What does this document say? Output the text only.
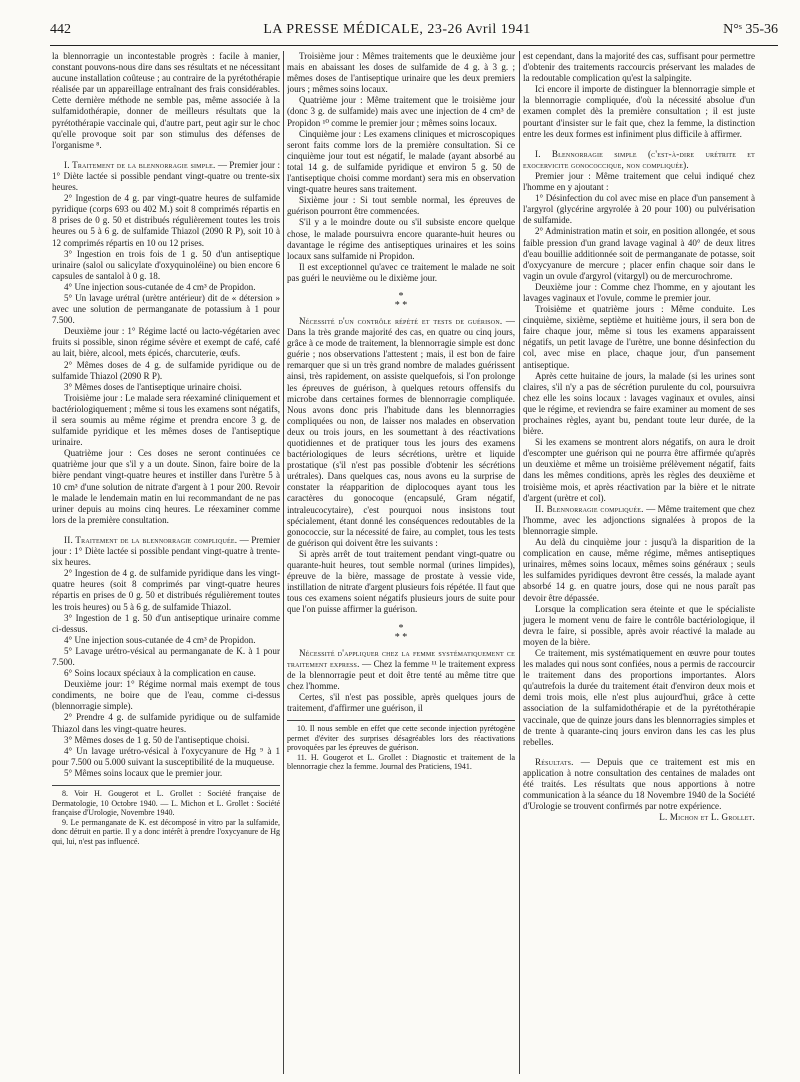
442	LA PRESSE MÉDICALE, 23-26 Avril 1941	N°ˢ 35-36

la blennorragie un incontestable progrès : facile à manier, constant pouvons-nous dire dans ses résultats et ne nécessitant aucune installation coûteuse ; au contraire de la pyrétothérapie réalisée par un appareillage entraînant des frais considérables. Cette dernière méthode ne semble pas, même associée à la sulfamidothérapie, donner de meilleurs résultats que la pyrétothérapie vaccinale qui, d'autre part, peut agir sur le choc qu'elle provoque soit par son stimulus des défenses de l'organisme ⁸.

I. Traitement de la blennorragie simple. — Premier jour : 1° Diète lactée si possible pendant vingt-quatre ou trente-six heures.

2° Ingestion de 4 g. par vingt-quatre heures de sulfamide pyridique (corps 693 ou 402 M.) soit 8 comprimés répartis en 8 prises de 0 g. 50 et distribués régulièrement toutes les trois heures ou 5 à 6 g. de sulfamide Thiazol (2090 R P), soit 10 à 12 comprimés répartis en 10 ou 12 prises.

3° Ingestion en trois fois de 1 g. 50 d'un antiseptique urinaire (salol ou salicylate d'oxyquinoléine) ou bien encore 6 capsules de santalol à 0 g. 18.

4° Une injection sous-cutanée de 4 cm³ de Propidon.

5° Un lavage urétral (urètre antérieur) dit de « détersion » avec une solution de permanganate de potassium à 1 pour 7.500.

Deuxième jour : 1° Régime lacté ou lacto-végétarien avec fruits si possible, sinon régime sévère et exempt de café, café au lait, bière, alcool, mets épicés, charcuterie, œufs.

2° Mêmes doses de 4 g. de sulfamide pyridique ou de sulfamide Thiazol (2090 R P).

3° Mêmes doses de l'antiseptique urinaire choisi.

Troisième jour : Le malade sera réexaminé cliniquement et bactériologiquement ; même si tous les examens sont négatifs, il sera soumis au même régime et prendra encore 3 g. de sulfamide pyridique et les mêmes doses de l'antiseptique urinaire.

Quatrième jour : Ces doses ne seront continuées ce quatrième jour que s'il y a un doute. Sinon, faire boire de la bière pendant vingt-quatre heures et instiller dans l'urètre 5 à 10 cm³ d'une solution de nitrate d'argent à 1 pour 200. Revoir le malade le lendemain matin en lui recommandant de ne pas uriner depuis au moins cinq heures. Le réexaminer comme lors de la première consultation.

II. Traitement de la blennorragie compliquée. — Premier jour : 1° Diète lactée si possible pendant vingt-quatre à trente-six heures.

2° Ingestion de 4 g. de sulfamide pyridique dans les vingt-quatre heures (soit 8 comprimés par vingt-quatre heures répartis en prises de 0 g. 50 et distribués régulièrement toutes les trois heures) ou 5 à 6 g. de sulfamide Thiazol.

3° Ingestion de 1 g. 50 d'un antiseptique urinaire comme ci-dessus.

4° Une injection sous-cutanée de 4 cm³ de Propidon.

5° Lavage urétro-vésical au permanganate de K. à 1 pour 7.500.

6° Soins locaux spéciaux à la complication en cause.

Deuxième jour: 1° Régime normal mais exempt de tous condiments, ne boire que de l'eau, comme ci-dessus (blennorragie simple).

2° Prendre 4 g. de sulfamide pyridique ou de sulfamide Thiazol dans les vingt-quatre heures.

3° Mêmes doses de 1 g. 50 de l'antiseptique choisi.

4° Un lavage urétro-vésical à l'oxycyanure de Hg ⁹ à 1 pour 7.500 ou 5.000 suivant la susceptibilité de la muqueuse.

5° Mêmes soins locaux que le premier jour.

8. Voir H. Gougerot et L. Grollet : Société française de Dermatologie, 10 Octobre 1940. — L. Michon et L. Grollet : Société française d'Urologie, Novembre 1940.

9. Le permanganate de K. est décomposé in vitro par la sulfamide, donc détruit en partie. Il y a donc intérêt à prendre l'oxycyanure de Hg qui, lui, n'est pas influencé.

Troisième jour : Mêmes traitements que le deuxième jour mais en abaissant les doses de sulfamide de 4 g. à 3 g. ; mêmes doses de l'antiseptique urinaire que les deux premiers jours ; mêmes soins locaux.

Quatrième jour : Même traitement que le troisième jour (donc 3 g. de sulfamide) mais avec une injection de 4 cm³ de Propidon ¹⁰ comme le premier jour ; mêmes soins locaux.

Cinquième jour : Les examens cliniques et microscopiques seront faits comme lors de la première consultation. Si ce cinquième jour tout est négatif, le malade (ayant absorbé au total 14 g. de sulfamide pyridique et environ 5 g. 50 de l'antiseptique choisi comme mordant) sera mis en observation vingt-quatre heures sans traitement.

Sixième jour : Si tout semble normal, les épreuves de guérison pourront être commencées.

S'il y a le moindre doute ou s'il subsiste encore quelque chose, le malade poursuivra encore quarante-huit heures ou davantage le régime des antiseptiques urinaires et les soins locaux sans sulfamide ni Propidon.

Il est exceptionnel qu'avec ce traitement le malade ne soit pas guéri le neuvième ou le dixième jour.

*
* *

Nécessité d'un contrôle répété et tests de guérison. — Dans la très grande majorité des cas, en quatre ou cinq jours, grâce à ce mode de traitement, la blennorragie simple est donc guérie ; nos observations l'attestent ; mais, il est bon de faire remarquer que si un très grand nombre de malades guérissent ainsi, très rapidement, on assiste quelquefois, si l'on prolonge les épreuves de guérison, à quelques retours offensifs du microbe dans certaines formes de blennorragie compliquée. Nous avons donc pris l'habitude dans les blennorragies compliquées ou non, de laisser nos malades en observation deux ou trois jours, en les soumettant à des réactivations quotidiennes et de pratiquer tous les jours des examens bactériologiques de leurs sécrétions, urètre et liquide prostatique (s'il n'est pas possible d'obtenir les sécrétions urétrales). Dans quelques cas, nous avons eu la surprise de constater la réapparition de diplocoques ayant tous les caractères du gonocoque (encapsulé, Gram négatif, intraleucocytaire), c'est pourquoi nous insistons tout spécialement, étant donné les conséquences redoutables de la gonococcie, sur la nécessité de faire, au complet, tous les tests de guérison qui doivent être les suivants :

Si après arrêt de tout traitement pendant vingt-quatre ou quarante-huit heures, tout semble normal (urines limpides), épreuve de la bière, massage de prostate à vessie vide, instillation de nitrate d'argent plusieurs fois répétée. Il faut que tous ces examens soient négatifs plusieurs jours de suite pour que l'on puisse affirmer la guérison.

*
* *

Nécessité d'appliquer chez la femme systématiquement ce traitement express. — Chez la femme ¹¹ le traitement express de la blennorragie peut et doit être tenté au même titre que chez l'homme.

Certes, s'il n'est pas possible, après quelques jours de traitement, d'affirmer une guérison, il

10. Il nous semble en effet que cette seconde injection pyrétogène permet d'éviter des surprises désagréables lors des réactivations provoquées par les épreuves de guérison.

11. H. Gougerot et L. Grollet : Diagnostic et traitement de la blennorragie chez la femme. Journal des Praticiens, 1941.

est cependant, dans la majorité des cas, suffisant pour permettre d'obtenir des traitements raccourcis préservant les malades de la redoutable complication qu'est la salpingite.

Ici encore il importe de distinguer la blennorragie simple et la blennorragie compliquée, d'où la nécessité absolue d'un examen complet dès la première consultation ; il est juste pourtant d'insister sur le fait que, chez la femme, la distinction entre les deux formes est infiniment plus difficile à affirmer.

I. Blennorragie simple (c'est-à-dire urétrite et exocervicite gonococcique, non compliquée).

Premier jour : Même traitement que celui indiqué chez l'homme en y ajoutant :

1° Désinfection du col avec mise en place d'un pansement à l'argyrol (glycérine argyrolée à 20 pour 100) ou pulvérisation de sulfamide.

2° Administration matin et soir, en position allongée, et sous faible pression d'un grand lavage vaginal à 40° de deux litres d'eau bouillie additionnée soit de permanganate de potasse, soit d'oxycyanure de mercure ; placer enfin chaque soir dans le vagin un ovule d'argyrol (vitargyl) ou de mercurochrome.

Deuxième jour : Comme chez l'homme, en y ajoutant les lavages vaginaux et l'ovule, comme le premier jour.

Troisième et quatrième jours : Même conduite. Les cinquième, sixième, septième et huitième jours, il sera bon de faire chaque jour, même si tous les examens apparaissent négatifs, un petit lavage de l'urètre, une bonne désinfection du col, avec mise en place, chaque jour, d'un pansement antiseptique.

Après cette huitaine de jours, la malade (si les urines sont claires, s'il n'y a pas de sécrétion purulente du col, poursuivra chez elle les soins locaux : lavages vaginaux et ovules, ainsi que le régime, et reviendra se faire examiner au moment de ses prochaines règles, ayant bu, pendant toute leur durée, de la bière.

Si les examens se montrent alors négatifs, on aura le droit d'escompter une guérison qui ne pourra être affirmée qu'après un deuxième et même un troisième prélèvement négatif, faits dans les mêmes conditions, après les règles des deuxième et troisième mois, et après réactivation par la bière et le nitrate d'argent (urètre et col).

II. Blennorragie compliquée. — Même traitement que chez l'homme, avec les adjonctions signalées à propos de la blennorragie simple.

Au delà du cinquième jour : jusqu'à la disparition de la complication en cause, même régime, mêmes antiseptiques urinaires, mêmes soins locaux, mêmes soins généraux ; seuls les sulfamides pyridiques devront être cessés, la malade ayant absorbé 14 g. en quatre jours, dose qui ne nous paraît pas devoir être dépassée.

Lorsque la complication sera éteinte et que le spécialiste jugera le moment venu de faire le contrôle bactériologique, il devra le faire, si possible, après avoir réactivé la malade au moyen de la bière.

Ce traitement, mis systématiquement en œuvre pour toutes les malades qui nous sont confiées, nous a permis de raccourcir le traitement dans des proportions importantes. Alors qu'autrefois la durée du traitement était d'environ deux mois et demi trois mois, elle n'est plus aujourd'hui, grâce à cette association de la sulfamidothérapie et de la pyrétothérapie vaccinale, que de quinze jours dans les blennorragies simples et de trente à quarante-cinq jours environ dans les cas les plus rebelles.

Résultats. — Depuis que ce traitement est mis en application à notre consultation des centaines de malades ont été traités. Les résultats que nous apportions à notre communication à la séance du 18 Novembre 1940 de la Société d'Urologie se trouvent confirmés par notre expérience.

L. Michon et L. Grollet.
